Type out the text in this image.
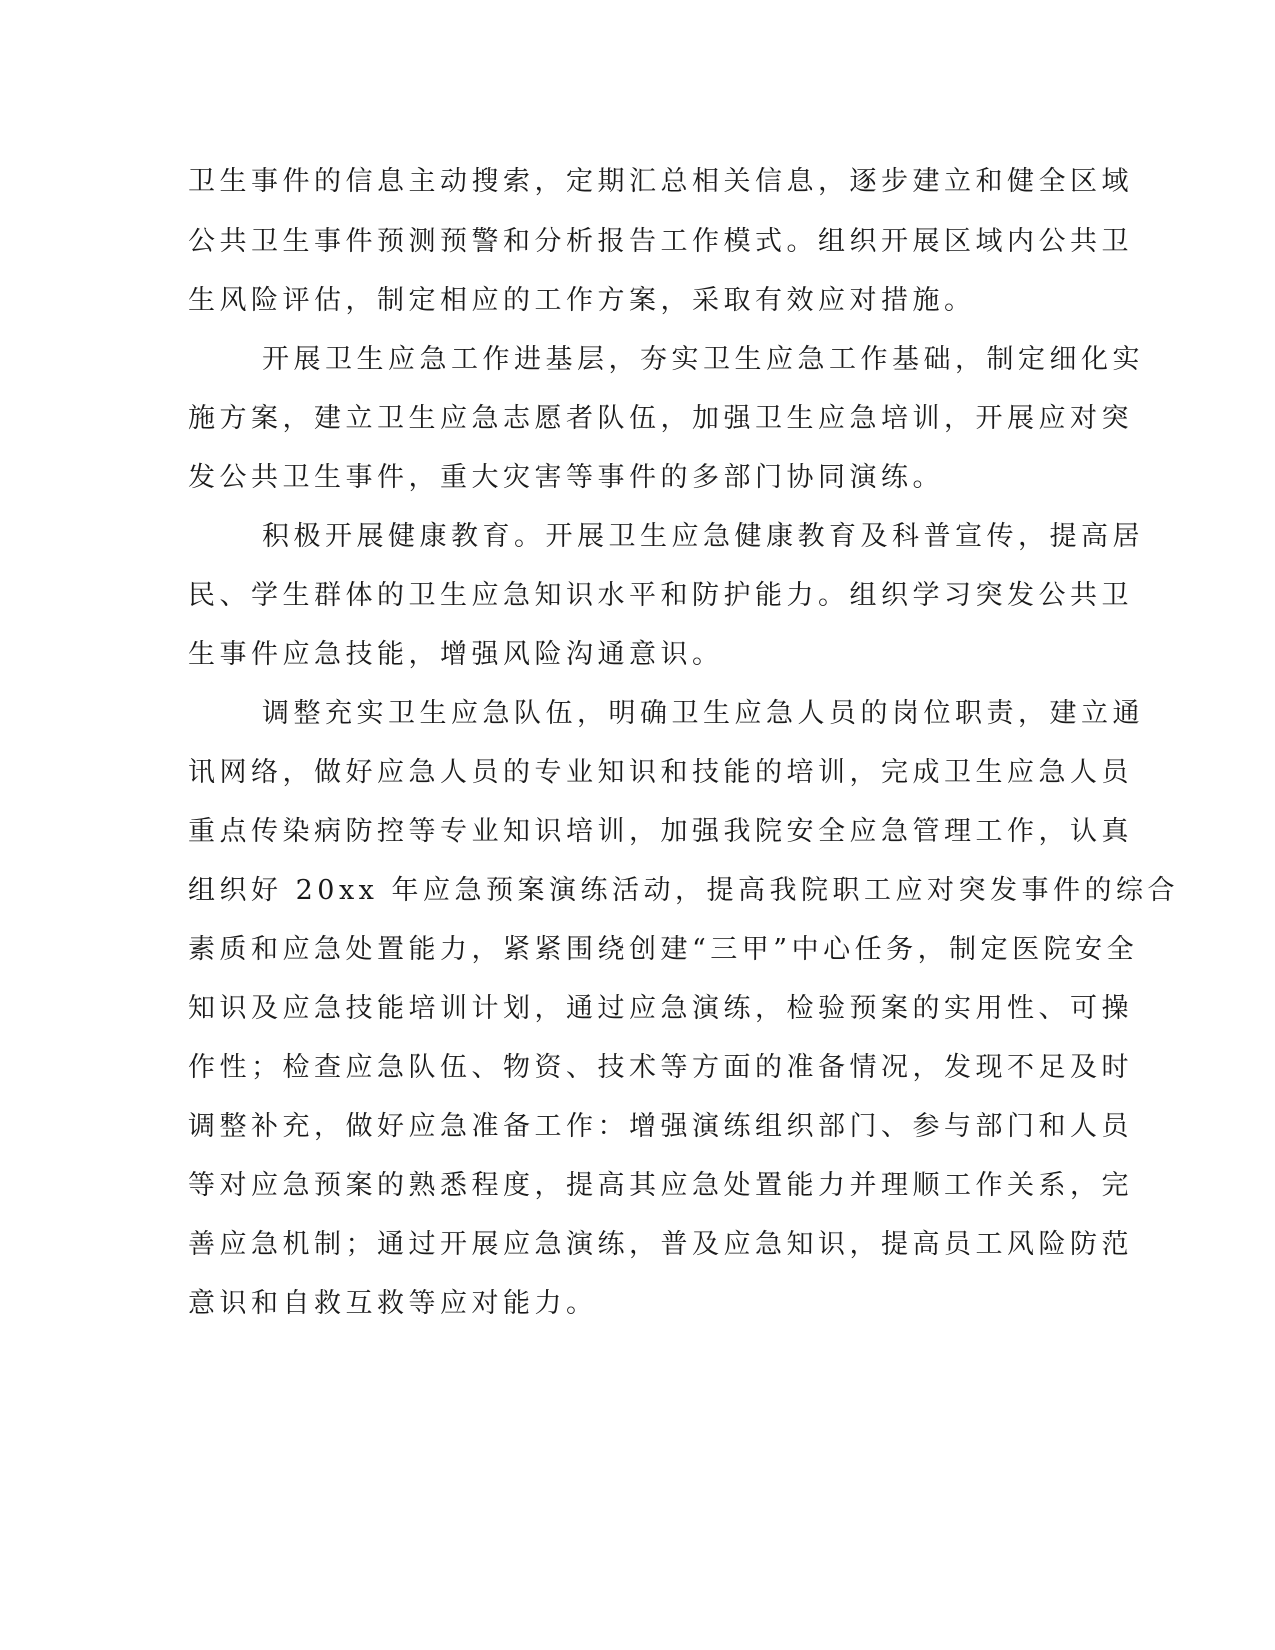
卫生事件的信息主动搜索，定期汇总相关信息，逐步建立和健全区域
公共卫生事件预测预警和分析报告工作模式。组织开展区域内公共卫
生风险评估，制定相应的工作方案，采取有效应对措施。
开展卫生应急工作进基层，夯实卫生应急工作基础，制定细化实
施方案，建立卫生应急志愿者队伍，加强卫生应急培训，开展应对突
发公共卫生事件，重大灾害等事件的多部门协同演练。
积极开展健康教育。开展卫生应急健康教育及科普宣传，提高居
民、学生群体的卫生应急知识水平和防护能力。组织学习突发公共卫
生事件应急技能，增强风险沟通意识。
调整充实卫生应急队伍，明确卫生应急人员的岗位职责，建立通
讯网络，做好应急人员的专业知识和技能的培训，完成卫生应急人员
重点传染病防控等专业知识培训，加强我院安全应急管理工作，认真
组织好 20xx 年应急预案演练活动，提高我院职工应对突发事件的综合
素质和应急处置能力，紧紧围绕创建“三甲”中心任务，制定医院安全
知识及应急技能培训计划，通过应急演练，检验预案的实用性、可操
作性；检查应急队伍、物资、技术等方面的准备情况，发现不足及时
调整补充，做好应急准备工作：增强演练组织部门、参与部门和人员
等对应急预案的熟悉程度，提高其应急处置能力并理顺工作关系，完
善应急机制；通过开展应急演练，普及应急知识，提高员工风险防范
意识和自救互救等应对能力。
